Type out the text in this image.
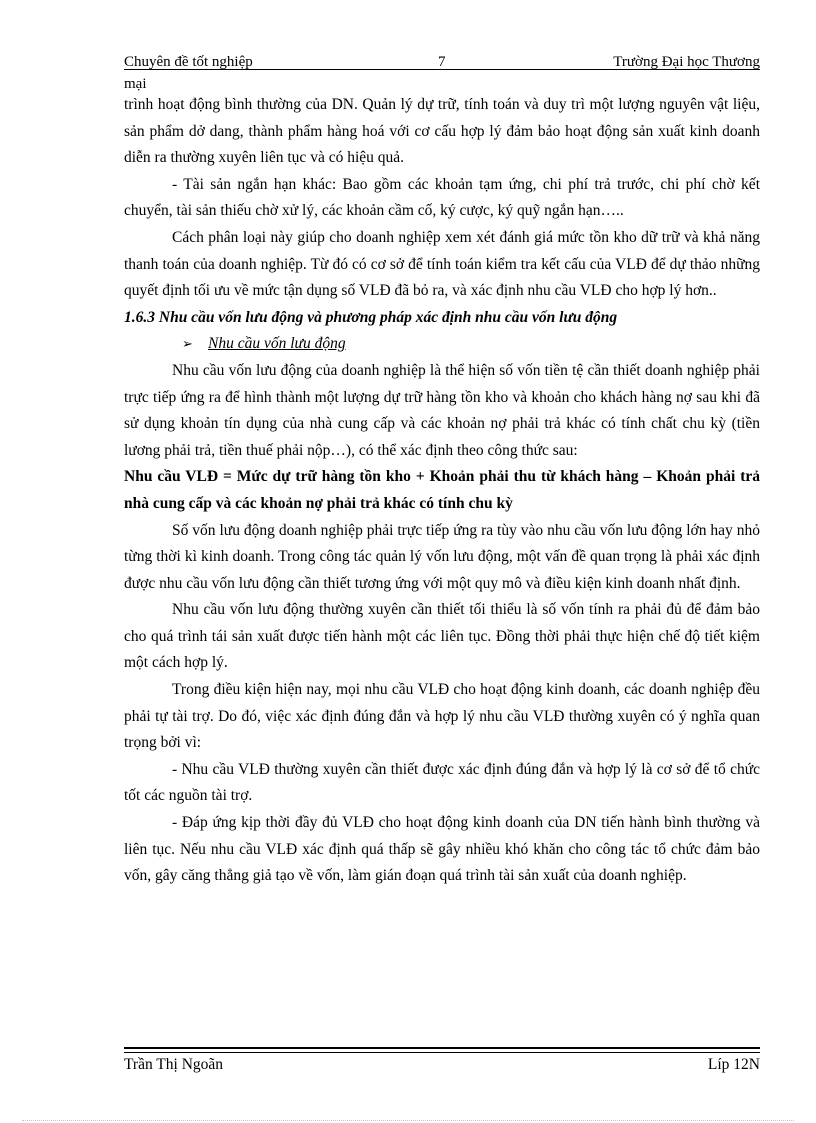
Chuyên đề tốt nghiệp	7	Trường Đại học Thương
mại

trình hoạt động bình thường của DN. Quản lý dự trữ, tính toán và duy trì một lượng nguyên vật liệu, sản phẩm dở dang, thành phẩm hàng hoá với cơ cấu hợp lý đảm bảo hoạt động sản xuất kinh doanh diễn ra thường xuyên liên tục và có hiệu quả.

- Tài sản ngắn hạn khác: Bao gồm các khoản tạm ứng, chi phí trả trước, chi phí chờ kết chuyển, tài sản thiếu chờ xử lý, các khoản cầm cố, ký cược, ký quỹ ngắn hạn…..

Cách phân loại này giúp cho doanh nghiệp xem xét đánh giá mức tồn kho dữ trữ và khả năng thanh toán của doanh nghiệp. Từ đó có cơ sở để tính toán kiểm tra kết cấu của VLĐ để dự thảo những quyết định tối ưu về mức tận dụng số VLĐ đã bỏ ra, và xác định nhu cầu VLĐ cho hợp lý hơn..

1.6.3 Nhu cầu vốn lưu động và phương pháp xác định nhu cầu vốn lưu động

➢ Nhu cầu vốn lưu động

Nhu cầu vốn lưu động của doanh nghiệp là thể hiện số vốn tiền tệ cần thiết doanh nghiệp phải trực tiếp ứng ra để hình thành một lượng dự trữ hàng tồn kho và khoản cho khách hàng nợ sau khi đã sử dụng khoản tín dụng của nhà cung cấp và các khoản nợ phải trả khác có tính chất chu kỳ (tiền lương phải trả, tiền thuế phải nộp…), có thể xác định theo công thức sau:

Nhu cầu VLĐ = Mức dự trữ hàng tồn kho + Khoản phải thu từ khách hàng – Khoản phải trả nhà cung cấp và các khoản nợ phải trả khác có tính chu kỳ

Số vốn lưu động doanh nghiệp phải trực tiếp ứng ra tùy vào nhu cầu vốn lưu động lớn hay nhỏ từng thời kì kinh doanh. Trong công tác quản lý vốn lưu động, một vấn đề quan trọng là phải xác định được nhu cầu vốn lưu động cần thiết tương ứng với một quy mô và điều kiện kinh doanh nhất định.

Nhu cầu vốn lưu động thường xuyên cần thiết tối thiểu là số vốn tính ra phải đủ để đảm bảo cho quá trình tái sản xuất được tiến hành một các liên tục. Đồng thời phải thực hiện chế độ tiết kiệm một cách hợp lý.

Trong điều kiện hiện nay, mọi nhu cầu VLĐ cho hoạt động kinh doanh, các doanh nghiệp đều phải tự tài trợ. Do đó, việc xác định đúng đắn và hợp lý nhu cầu VLĐ thường xuyên có ý nghĩa quan trọng bởi vì:

- Nhu cầu VLĐ thường xuyên cần thiết được xác định đúng đắn và hợp lý là cơ sở để tổ chức tốt các nguồn tài trợ.

- Đáp ứng kịp thời đầy đủ VLĐ cho hoạt động kinh doanh của DN tiến hành bình thường và liên tục. Nếu nhu cầu VLĐ xác định quá thấp sẽ gây nhiều khó khăn cho công tác tổ chức đảm bảo vốn, gây căng thẳng giả tạo về vốn, làm gián đoạn quá trình tài sản xuất của doanh nghiệp.

Trần Thị Ngoãn	Líp 12N
